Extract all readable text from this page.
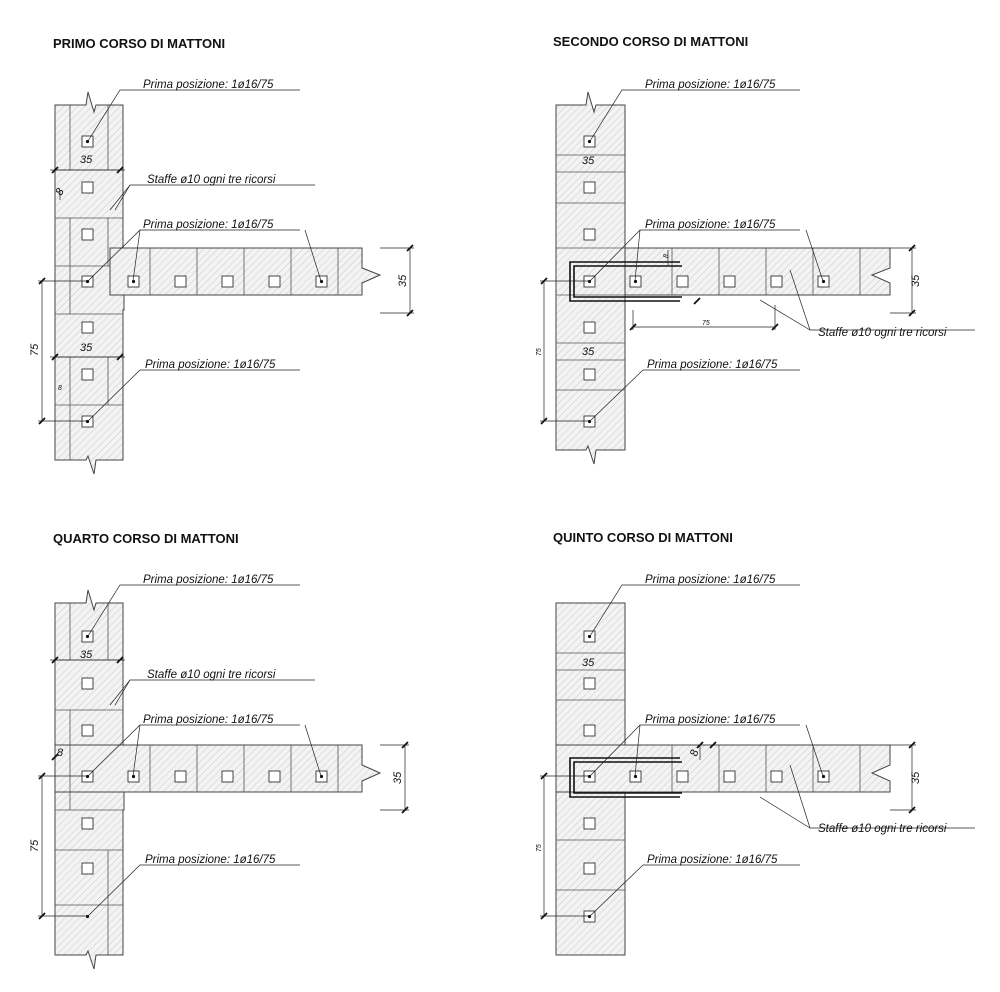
PRIMO CORSO DI MATTONI
Prima posizione: 1ø16/75
Staffe ø10 ogni tre ricorsi
Prima posizione: 1ø16/75
Prima posizione: 1ø16/75
35
35
8
8
75
35
SECONDO CORSO DI MATTONI
Prima posizione: 1ø16/75
Prima posizione: 1ø16/75
Staffe ø10 ogni tre ricorsi
Prima posizione: 1ø16/75
35
35
8
75
75
35
QUARTO CORSO DI MATTONI
Prima posizione: 1ø16/75
Staffe ø10 ogni tre ricorsi
Prima posizione: 1ø16/75
Prima posizione: 1ø16/75
35
8
75
35
QUINTO CORSO DI MATTONI
Prima posizione: 1ø16/75
Prima posizione: 1ø16/75
Staffe ø10 ogni tre ricorsi
Prima posizione: 1ø16/75
35
8
75
35
